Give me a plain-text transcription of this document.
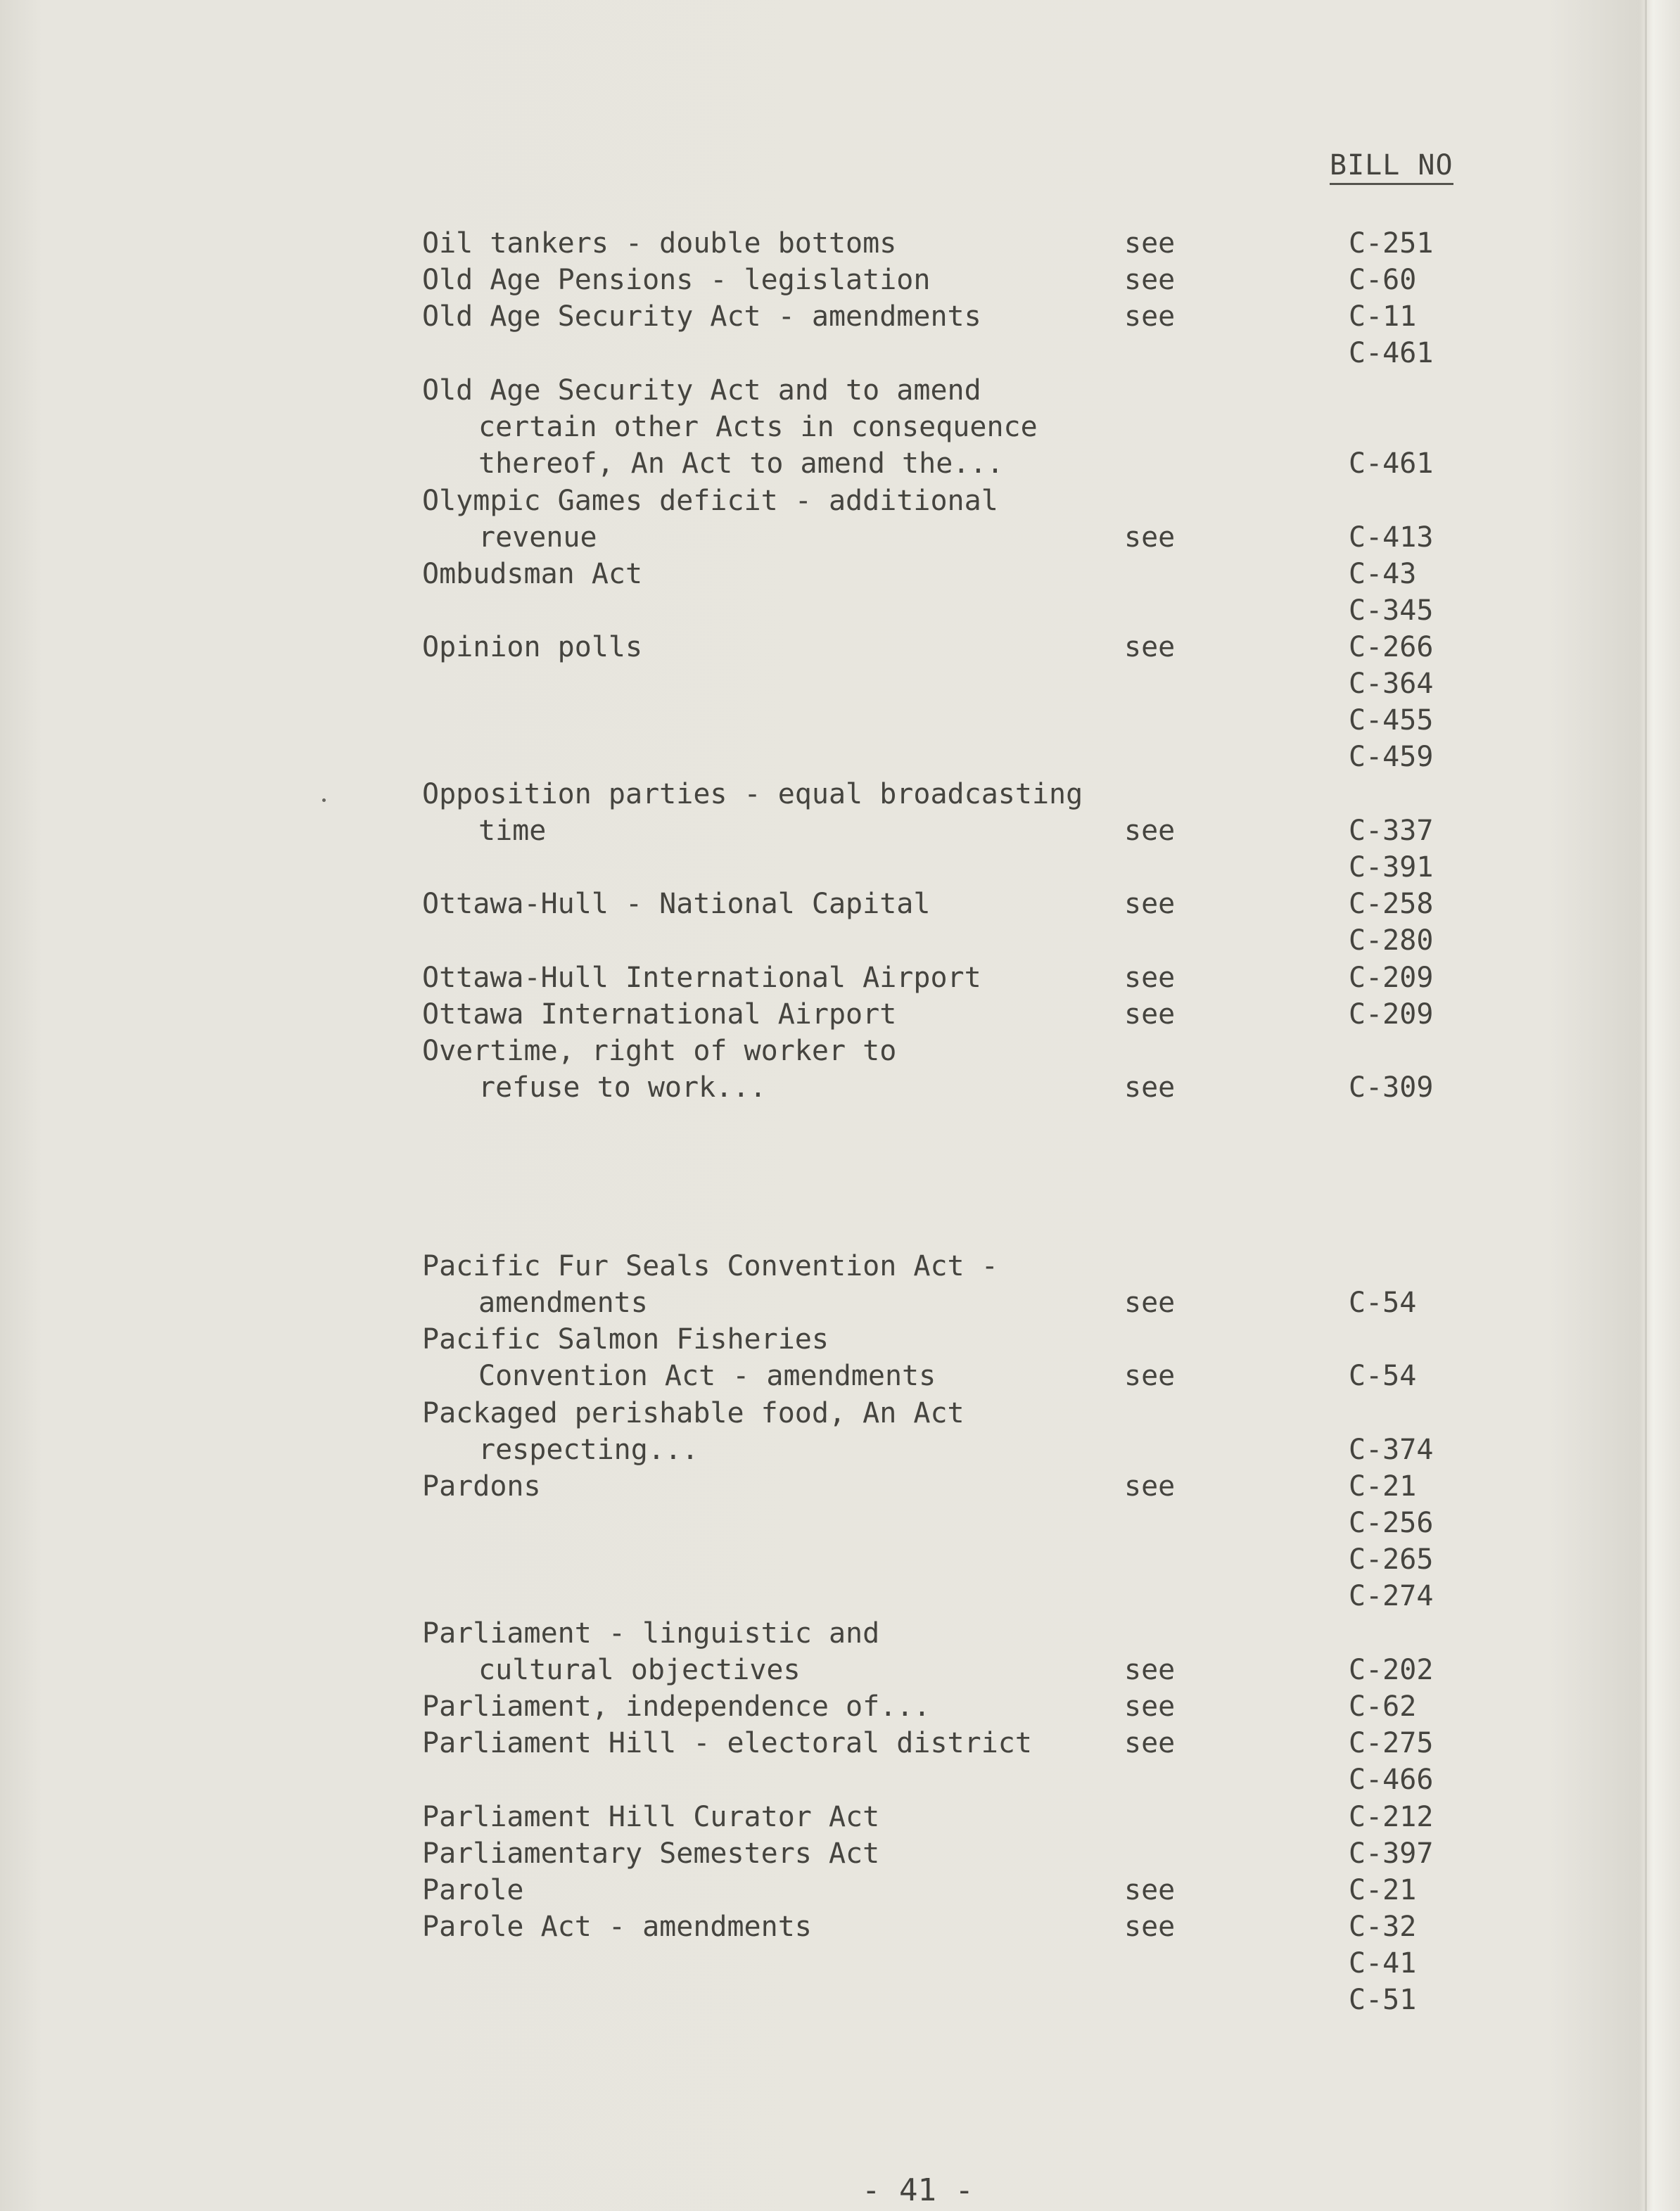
BILL NO
Oil tankers - double bottoms	see	C-251
Old Age Pensions - legislation	see	C-60
Old Age Security Act - amendments	see	C-11
C-461
Old Age Security Act and to amend
certain other Acts in consequence
thereof, An Act to amend the...	C-461
Olympic Games deficit - additional
revenue	see	C-413
Ombudsman Act	C-43
C-345
Opinion polls	see	C-266
C-364
C-455
C-459
Opposition parties - equal broadcasting
time	see	C-337
C-391
Ottawa-Hull - National Capital	see	C-258
C-280
Ottawa-Hull International Airport	see	C-209
Ottawa International Airport	see	C-209
Overtime, right of worker to
refuse to work...	see	C-309
Pacific Fur Seals Convention Act -
amendments	see	C-54
Pacific Salmon Fisheries
Convention Act - amendments	see	C-54
Packaged perishable food, An Act
respecting...	C-374
Pardons	see	C-21
C-256
C-265
C-274
Parliament - linguistic and
cultural objectives	see	C-202
Parliament, independence of...	see	C-62
Parliament Hill - electoral district	see	C-275
C-466
Parliament Hill Curator Act	C-212
Parliamentary Semesters Act	C-397
Parole	see	C-21
Parole Act - amendments	see	C-32
C-41
C-51
- 41 -
